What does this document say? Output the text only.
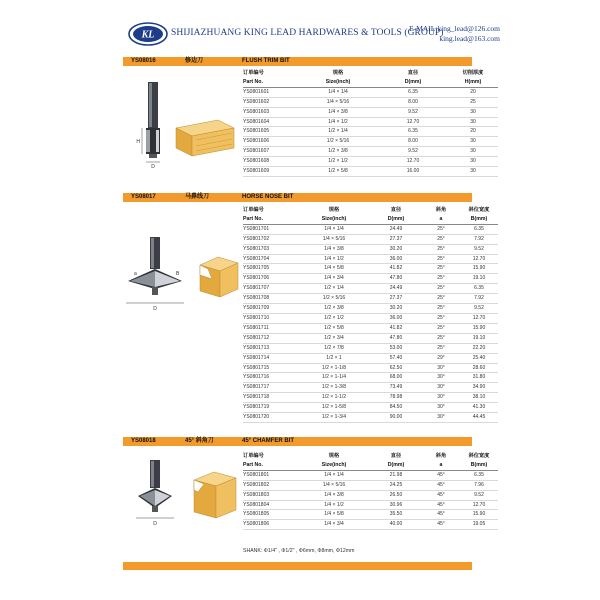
KL SHIJIAZHUANG KING LEAD HARDWARES & TOOLS (GROUP)
E-MAIL:king_lead@126.com
king.lead@163.com
YS08016	修边刀	FLUSH TRIM BIT
H
D
订单编号	规格	直径	切削厚度
Part No.	Size(inch)	D(mm)	H(mm)
YS0801601	1/4 × 1/4	6.35	20
YS0801602	1/4 × 5/16	8.00	25
YS0801603	1/4 × 3/8	9.52	30
YS0801604	1/4 × 1/2	12.70	30
YS0801605	1/2 × 1/4	6.35	20
YS0801606	1/2 × 5/16	8.00	30
YS0801607	1/2 × 3/8	9.52	30
YS0801608	1/2 × 1/2	12.70	30
YS0801609	1/2 × 5/8	16.00	30
YS08017	马鼻线刀	HORSE NOSE BIT
D
a	B
订单编号	规格	直径	斜角	斜位宽度
Part No.	Size(inch)	D(mm)	a	B(mm)
YS0801701	1/4 × 1/4	24.49	25°	6.35
YS0801702	1/4 × 5/16	27.37	25°	7.92
YS0801703	1/4 × 3/8	30.20	25°	9.52
YS0801704	1/4 × 1/2	36.00	25°	12.70
YS0801705	1/4 × 5/8	41.82	25°	15.90
YS0801706	1/4 × 3/4	47.80	25°	19.10
YS0801707	1/2 × 1/4	24.49	25°	6.35
YS0801708	1/2 × 5/16	27.37	25°	7.92
YS0801709	1/2 × 3/8	30.20	25°	9.52
YS0801710	1/2 × 1/2	36.00	25°	12.70
YS0801711	1/2 × 5/8	41.82	25°	15.90
YS0801712	1/2 × 3/4	47.80	25°	19.10
YS0801713	1/2 × 7/8	53.00	25°	22.20
YS0801714	1/2 × 1	57.40	29°	25.40
YS0801715	1/2 × 1-1/8	62.50	30°	28.60
YS0801716	1/2 × 1-1/4	68.00	30°	31.80
YS0801717	1/2 × 1-3/8	73.49	30°	34.90
YS0801718	1/2 × 1-1/2	78.98	30°	38.10
YS0801719	1/2 × 1-5/8	84.50	30°	41.30
YS0801720	1/2 × 1-3/4	90.00	30°	44.45
YS08018	45° 斜角刀	45° CHAMFER BIT
D
订单编号	规格	直径	斜角	斜位宽度
Part No.	Size(inch)	D(mm)	a	B(mm)
YS0801801	1/4 × 1/4	21.98	45°	6.35
YS0801802	1/4 × 5/16	24.25	45°	7.96
YS0801803	1/4 × 3/8	26.50	45°	9.52
YS0801804	1/4 × 1/2	30.96	45°	12.70
YS0801805	1/4 × 5/8	35.50	45°	15.90
YS0801806	1/4 × 3/4	40.00	45°	19.05
SHANK: Φ1/4" , Φ1/2" , Φ6mm, Φ8mm, Φ12mm
